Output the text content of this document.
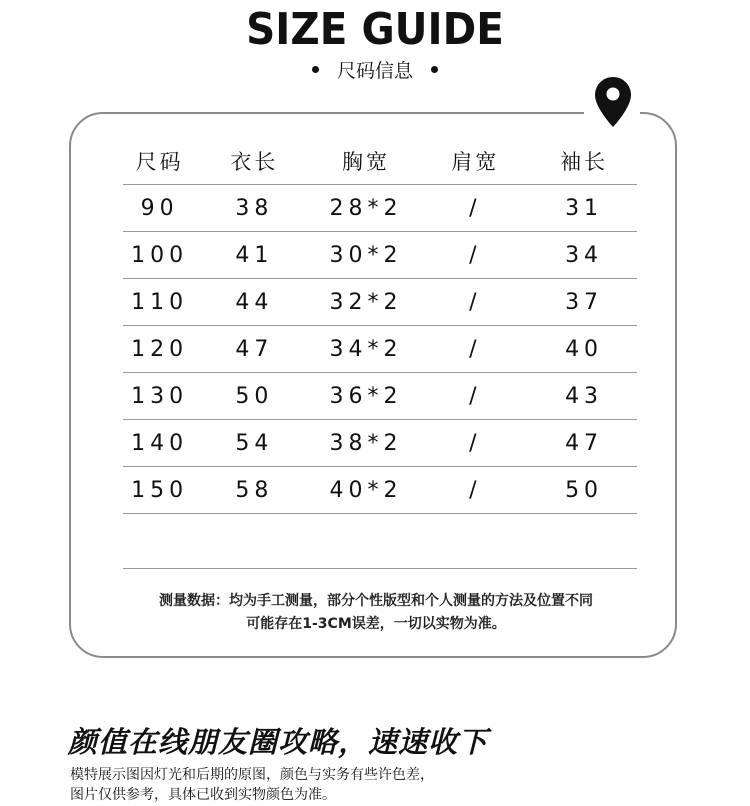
SIZE GUIDE
尺码信息
尺码	衣长	胸宽	肩宽	袖长
90	38	28*2	/	31
100	41	30*2	/	34
110	44	32*2	/	37
120	47	34*2	/	40
130	50	36*2	/	43
140	54	38*2	/	47
150	58	40*2	/	50
测量数据：均为手工测量，部分个性版型和个人测量的方法及位置不同
可能存在1-3CM误差，一切以实物为准。
颜值在线朋友圈攻略，速速收下
模特展示图因灯光和后期的原图，颜色与实务有些许色差，
图片仅供参考，具体已收到实物颜色为准。
